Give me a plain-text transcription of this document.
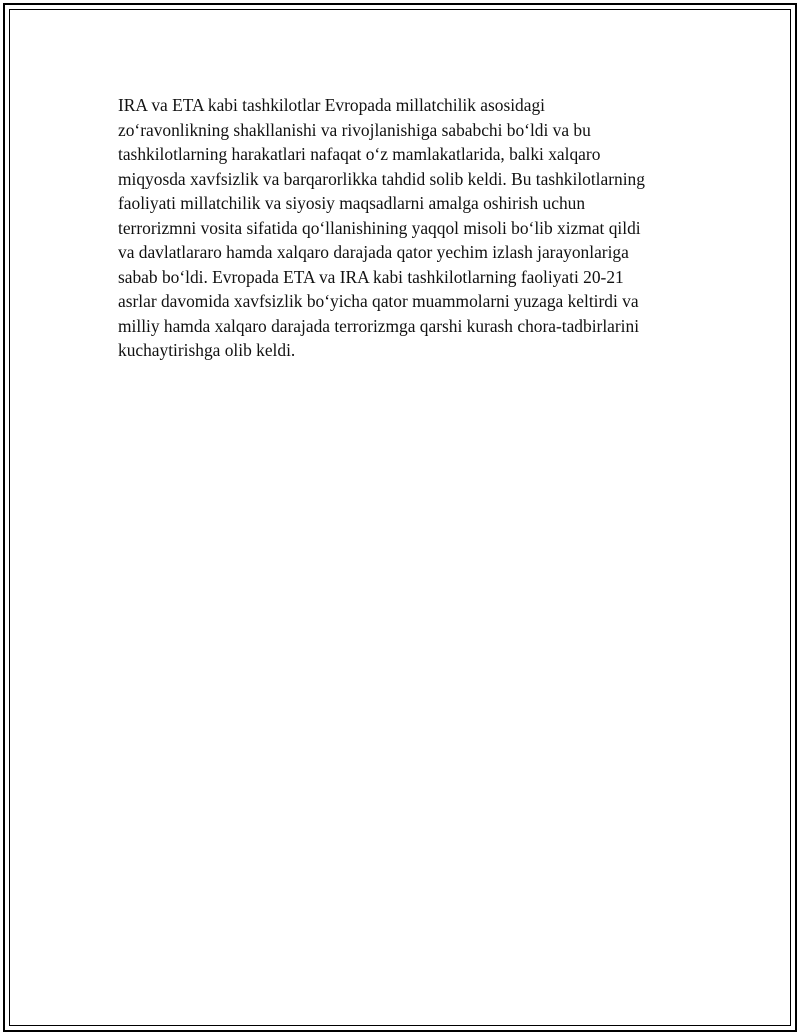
IRA va ETA kabi tashkilotlar Evropada millatchilik asosidagi
zo‘ravonlikning shakllanishi va rivojlanishiga sababchi bo‘ldi va bu
tashkilotlarning harakatlari nafaqat o‘z mamlakatlarida, balki xalqaro
miqyosda xavfsizlik va barqarorlikka tahdid solib keldi. Bu tashkilotlarning
faoliyati millatchilik va siyosiy maqsadlarni amalga oshirish uchun
terrorizmni vosita sifatida qo‘llanishining yaqqol misoli bo‘lib xizmat qildi
va davlatlararo hamda xalqaro darajada qator yechim izlash jarayonlariga
sabab bo‘ldi. Evropada ETA va IRA kabi tashkilotlarning faoliyati 20-21
asrlar davomida xavfsizlik bo‘yicha qator muammolarni yuzaga keltirdi va
milliy hamda xalqaro darajada terrorizmga qarshi kurash chora-tadbirlarini
kuchaytirishga olib keldi.
